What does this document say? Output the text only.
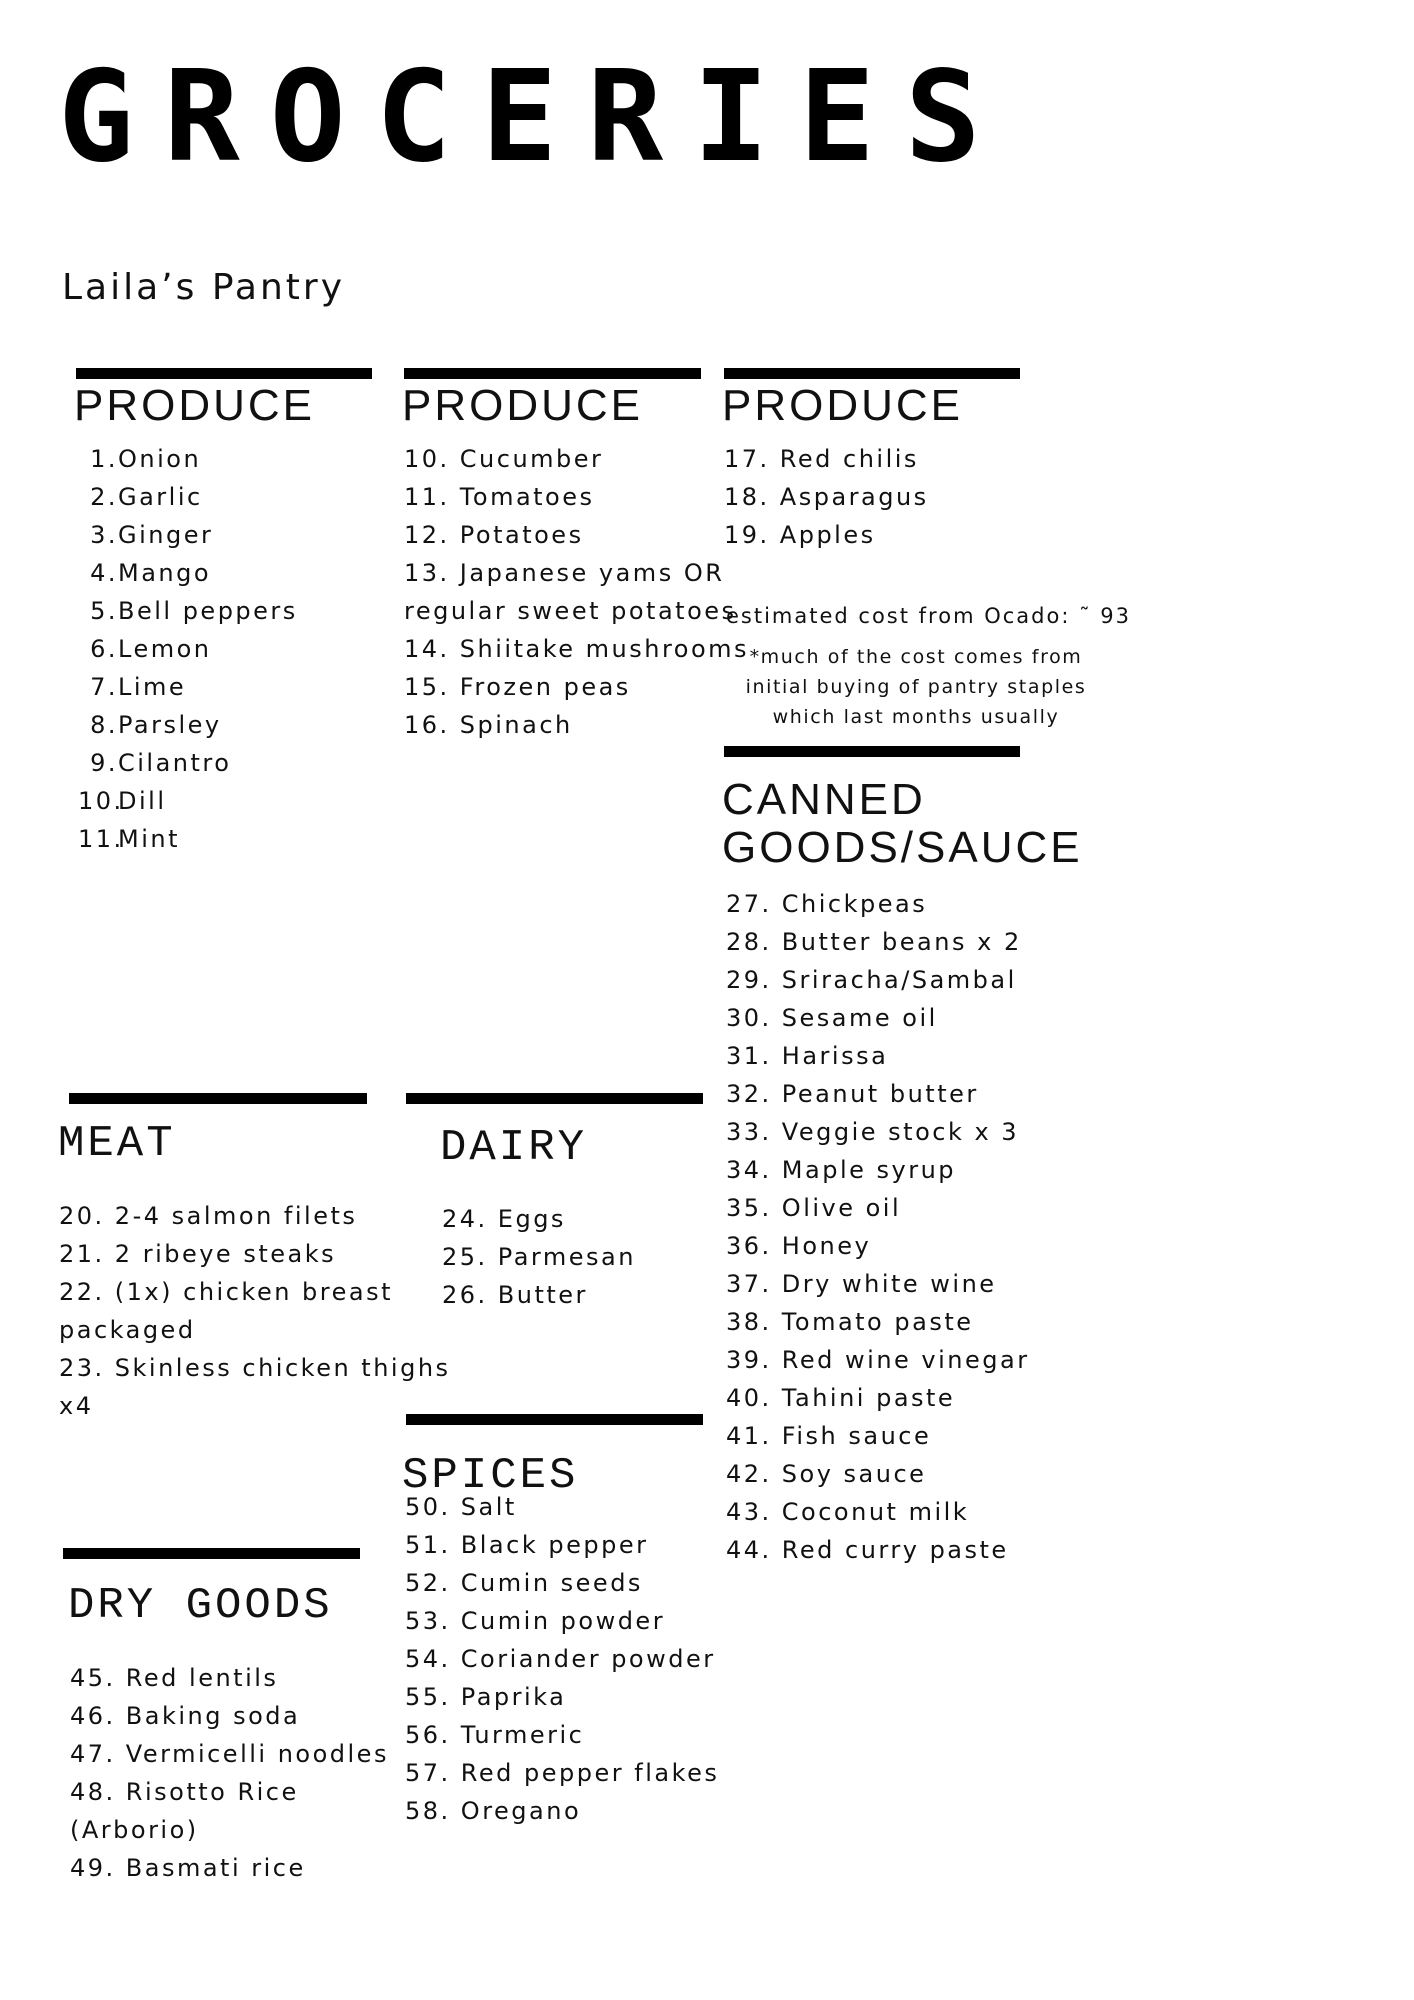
GROCERIES
Laila’s Pantry
PRODUCE
1.Onion
2.Garlic
3.Ginger
4.Mango
5.Bell peppers
6.Lemon
7.Lime
8.Parsley
9.Cilantro
10.Dill
11.Mint
PRODUCE
10. Cucumber
11. Tomatoes
12. Potatoes
13. Japanese yams OR
regular sweet potatoes
14. Shiitake mushrooms
15. Frozen peas
16. Spinach
PRODUCE
17. Red chilis
18. Asparagus
19. Apples
estimated cost from Ocado: ˜ 93
*much of the cost comes from
initial buying of pantry staples
which last months usually
CANNED
GOODS/SAUCE
27. Chickpeas
28. Butter beans x 2
29. Sriracha/Sambal
30. Sesame oil
31. Harissa
32. Peanut butter
33. Veggie stock x 3
34. Maple syrup
35. Olive oil
36. Honey
37. Dry white wine
38. Tomato paste
39. Red wine vinegar
40. Tahini paste
41. Fish sauce
42. Soy sauce
43. Coconut milk
44. Red curry paste
MEAT
20. 2-4 salmon filets
21. 2 ribeye steaks
22. (1x) chicken breast
packaged
23. Skinless chicken thighs
x4
DAIRY
24. Eggs
25. Parmesan
26. Butter
SPICES
50. Salt
51. Black pepper
52. Cumin seeds
53. Cumin powder
54. Coriander powder
55. Paprika
56. Turmeric
57. Red pepper flakes
58. Oregano
DRY GOODS
45. Red lentils
46. Baking soda
47. Vermicelli noodles
48. Risotto Rice
(Arborio)
49. Basmati rice
